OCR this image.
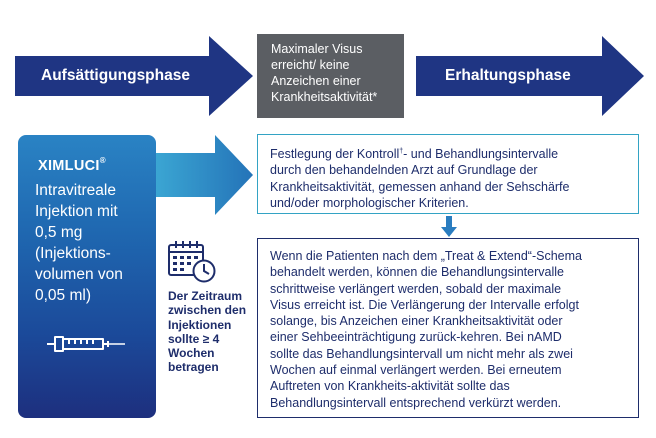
Aufsättigungsphase
Maximaler Visus
erreicht/ keine
Anzeichen einer
Krankheitsaktivität*
Erhaltungsphase
XIMLUCI®
Intravitreale
Injektion mit
0,5 mg
(Injektions-
volumen von
0,05 ml)	Der Zeitraum
zwischen den
Injektionen
sollte ≥ 4
Wochen
betragen
Festlegung der Kontroll†- und Behandlungsintervalle
durch den behandelnden Arzt auf Grundlage der
Krankheitsaktivität, gemessen anhand der Sehschärfe
und/oder morphologischer Kriterien.
Wenn die Patienten nach dem „Treat & Extend“-Schema
behandelt werden, können die Behandlungsintervalle
schrittweise verlängert werden, sobald der maximale
Visus erreicht ist. Die Verlängerung der Intervalle erfolgt
solange, bis Anzeichen einer Krankheitsaktivität oder
einer Sehbeeinträchtigung zurück-kehren. Bei nAMD
sollte das Behandlungsintervall um nicht mehr als zwei
Wochen auf einmal verlängert werden. Bei erneutem
Auftreten von Krankheits-aktivität sollte das
Behandlungsintervall entsprechend verkürzt werden.
